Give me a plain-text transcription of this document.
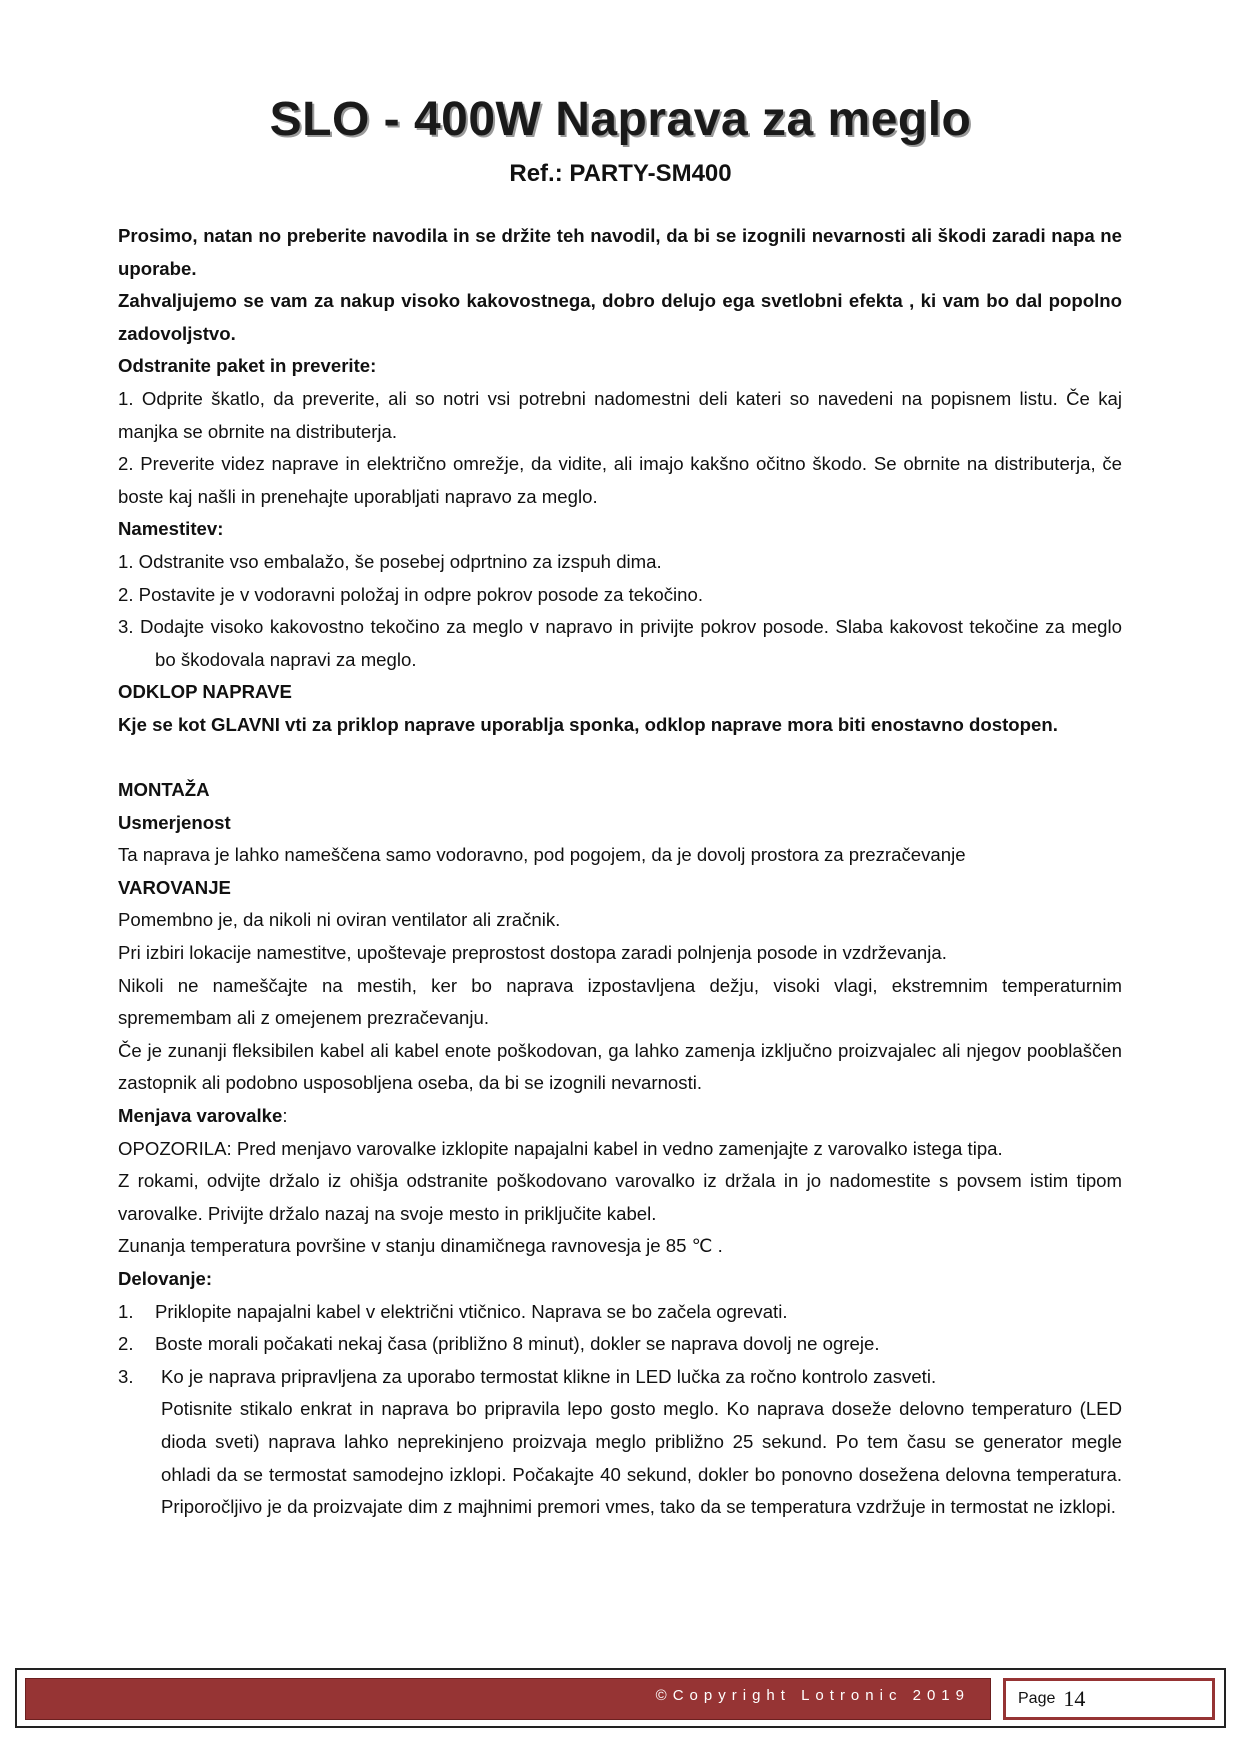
SLO - 400W Naprava za meglo
Ref.: PARTY-SM400

Prosimo, natan no preberite navodila in se držite teh navodil, da bi se izognili nevarnosti ali škodi zaradi napa ne uporabe.

Zahvaljujemo se vam za nakup visoko kakovostnega, dobro delujo ega svetlobni efekta , ki vam bo dal popolno zadovoljstvo.

Odstranite paket in preverite:

1. Odprite škatlo, da preverite, ali so notri vsi potrebni nadomestni deli kateri so navedeni na popisnem listu. Če kaj manjka se obrnite na distributerja.

2. Preverite videz naprave in električno omrežje, da vidite, ali imajo kakšno očitno škodo. Se obrnite na distributerja, če boste kaj našli in prenehajte uporabljati napravo za meglo.

Namestitev:

1. Odstranite vso embalažo, še posebej odprtnino za izspuh dima.

2. Postavite je v vodoravni položaj in odpre pokrov posode za tekočino.

3. Dodajte visoko kakovostno tekočino za meglo v napravo in privijte pokrov posode. Slaba kakovost tekočine za meglo bo škodovala napravi za meglo.

ODKLOP NAPRAVE

Kje se kot GLAVNI vti za priklop naprave uporablja sponka, odklop naprave mora biti enostavno dostopen.

MONTAŽA

Usmerjenost

Ta naprava je lahko nameščena samo vodoravno, pod pogojem, da je dovolj prostora za prezračevanje

VAROVANJE

Pomembno je, da nikoli ni oviran ventilator ali zračnik.

Pri izbiri lokacije namestitve, upoštevaje preprostost dostopa zaradi polnjenja posode in vzdrževanja.

Nikoli ne nameščajte na mestih, ker bo naprava izpostavljena dežju, visoki vlagi, ekstremnim temperaturnim spremembam ali z omejenem prezračevanju.

Če je zunanji fleksibilen kabel ali kabel enote poškodovan, ga lahko zamenja izključno proizvajalec ali njegov pooblaščen zastopnik ali podobno usposobljena oseba, da bi se izognili nevarnosti.

Menjava varovalke:

OPOZORILA: Pred menjavo varovalke izklopite napajalni kabel in vedno zamenjajte z varovalko istega tipa.

Z rokami, odvijte držalo iz ohišja odstranite poškodovano varovalko iz držala in jo nadomestite s povsem istim tipom varovalke. Privijte držalo nazaj na svoje mesto in priključite kabel.

Zunanja temperatura površine v stanju dinamičnega ravnovesja je 85 ℃ .

Delovanje:

1.	Priklopite napajalni kabel v električni vtičnico. Naprava se bo začela ogrevati.
2.	Boste morali počakati nekaj časa (približno 8 minut), dokler se naprava dovolj ne ogreje.
3.	Ko je naprava pripravljena za uporabo termostat klikne in LED lučka za ročno kontrolo zasveti.

Potisnite stikalo enkrat in naprava bo pripravila lepo gosto meglo. Ko naprava doseže delovno temperaturo (LED dioda sveti) naprava lahko neprekinjeno proizvaja meglo približno 25 sekund. Po tem času se generator megle ohladi da se termostat samodejno izklopi. Počakajte 40 sekund, dokler bo ponovno dosežena delovna temperatura. Priporočljivo je da proizvajate dim z majhnimi premori vmes, tako da se temperatura vzdržuje in termostat ne izklopi.

©Copyright Lotronic 2019	Page 14
